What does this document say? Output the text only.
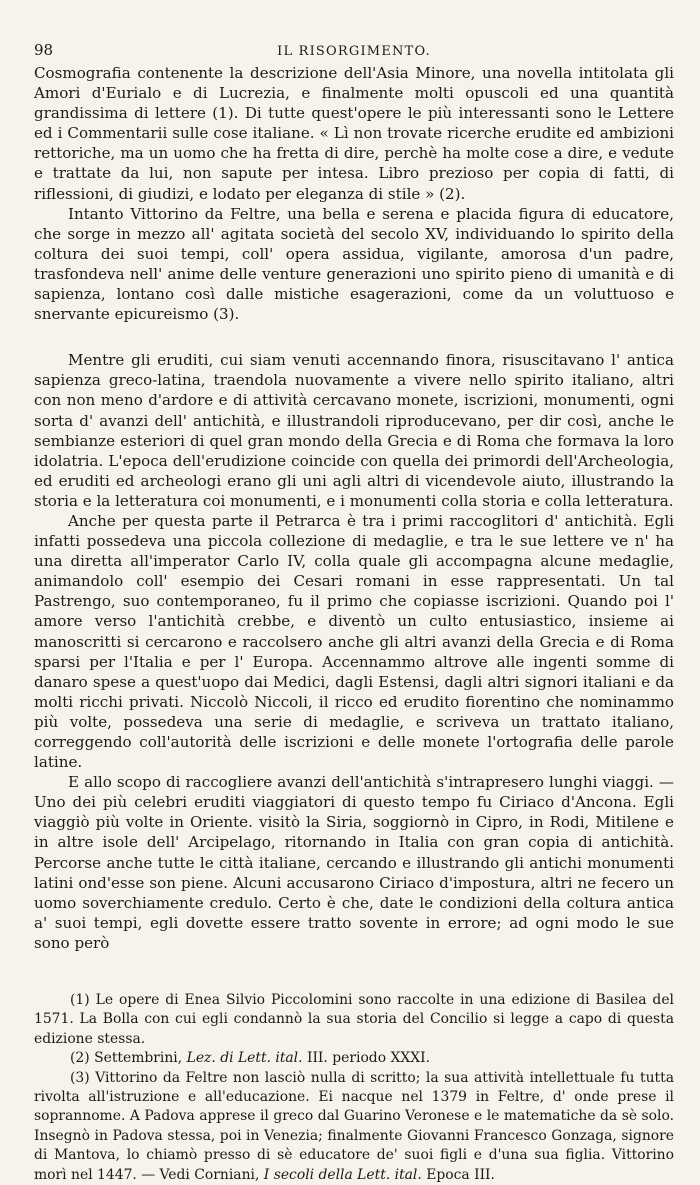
98	IL RISORGIMENTO.

Cosmografia contenente la descrizione dell'Asia Minore, una novella intitolata gli Amori d'Eurialo e di Lucrezia, e finalmente molti opuscoli ed una quantità grandissima di lettere (1). Di tutte quest'opere le più interessanti sono le Lettere ed i Commentarii sulle cose italiane. « Lì non trovate ricerche erudite ed ambizioni rettoriche, ma un uomo che ha fretta di dire, perchè ha molte cose a dire, e vedute e trattate da lui, non sapute per intesa. Libro prezioso per copia di fatti, di riflessioni, di giudizi, e lodato per eleganza di stile » (2).

Intanto Vittorino da Feltre, una bella e serena e placida figura di educatore, che sorge in mezzo all' agitata società del secolo XV, individuando lo spirito della coltura dei suoi tempi, coll' opera assidua, vigilante, amorosa d'un padre, trasfondeva nell' anime delle venture generazioni uno spirito pieno di umanità e di sapienza, lontano così dalle mistiche esagerazioni, come da un voluttuoso e snervante epicureismo (3).

Mentre gli eruditi, cui siam venuti accennando finora, risuscitavano l' antica sapienza greco-latina, traendola nuovamente a vivere nello spirito italiano, altri con non meno d'ardore e di attività cercavano monete, iscrizioni, monumenti, ogni sorta d' avanzi dell' antichità, e illustrandoli riproducevano, per dir così, anche le sembianze esteriori di quel gran mondo della Grecia e di Roma che formava la loro idolatria. L'epoca dell'erudizione coincide con quella dei primordi dell'Archeologia, ed eruditi ed archeologi erano gli uni agli altri di vicendevole aiuto, illustrando la storia e la letteratura coi monumenti, e i monumenti colla storia e colla letteratura.

Anche per questa parte il Petrarca è tra i primi raccoglitori d' antichità. Egli infatti possedeva una piccola collezione di medaglie, e tra le sue lettere ve n' ha una diretta all'imperator Carlo IV, colla quale gli accompagna alcune medaglie, animandolo coll' esempio dei Cesari romani in esse rappresentati. Un tal Pastrengo, suo contemporaneo, fu il primo che copiasse iscrizioni. Quando poi l' amore verso l'antichità crebbe, e diventò un culto entusiastico, insieme ai manoscritti si cercarono e raccolsero anche gli altri avanzi della Grecia e di Roma sparsi per l'Italia e per l' Europa. Accennammo altrove alle ingenti somme di danaro spese a quest'uopo dai Medici, dagli Estensi, dagli altri signori italiani e da molti ricchi privati. Niccolò Niccoli, il ricco ed erudito fiorentino che nominammo più volte, possedeva una serie di medaglie, e scriveva un trattato italiano, correggendo coll'autorità delle iscrizioni e delle monete l'ortografia delle parole latine.

E allo scopo di raccogliere avanzi dell'antichità s'intrapresero lunghi viaggi. — Uno dei più celebri eruditi viaggiatori di questo tempo fu Ciriaco d'Ancona. Egli viaggiò più volte in Oriente. visitò la Siria, soggiornò in Cipro, in Rodi, Mitilene e in altre isole dell' Arcipelago, ritornando in Italia con gran copia di antichità. Percorse anche tutte le città italiane, cercando e illustrando gli antichi monumenti latini ond'esse son piene. Alcuni accusarono Ciriaco d'impostura, altri ne fecero un uomo soverchiamente credulo. Certo è che, date le condizioni della coltura antica a' suoi tempi, egli dovette essere tratto sovente in errore; ad ogni modo le sue sono però

(1) Le opere di Enea Silvio Piccolomini sono raccolte in una edizione di Basilea del 1571. La Bolla con cui egli condannò la sua storia del Concilio si legge a capo di questa edizione stessa.

(2) Settembrini, Lez. di Lett. ital. III. periodo XXXI.

(3) Vittorino da Feltre non lasciò nulla di scritto; la sua attività intellettuale fu tutta rivolta all'istruzione e all'educazione. Ei nacque nel 1379 in Feltre, d' onde prese il soprannome. A Padova apprese il greco dal Guarino Veronese e le matematiche da sè solo. Insegnò in Padova stessa, poi in Venezia; finalmente Giovanni Francesco Gonzaga, signore di Mantova, lo chiamò presso di sè educatore de' suoi figli e d'una sua figlia. Vittorino morì nel 1447. — Vedi Corniani, I secoli della Lett. ital. Epoca III.
